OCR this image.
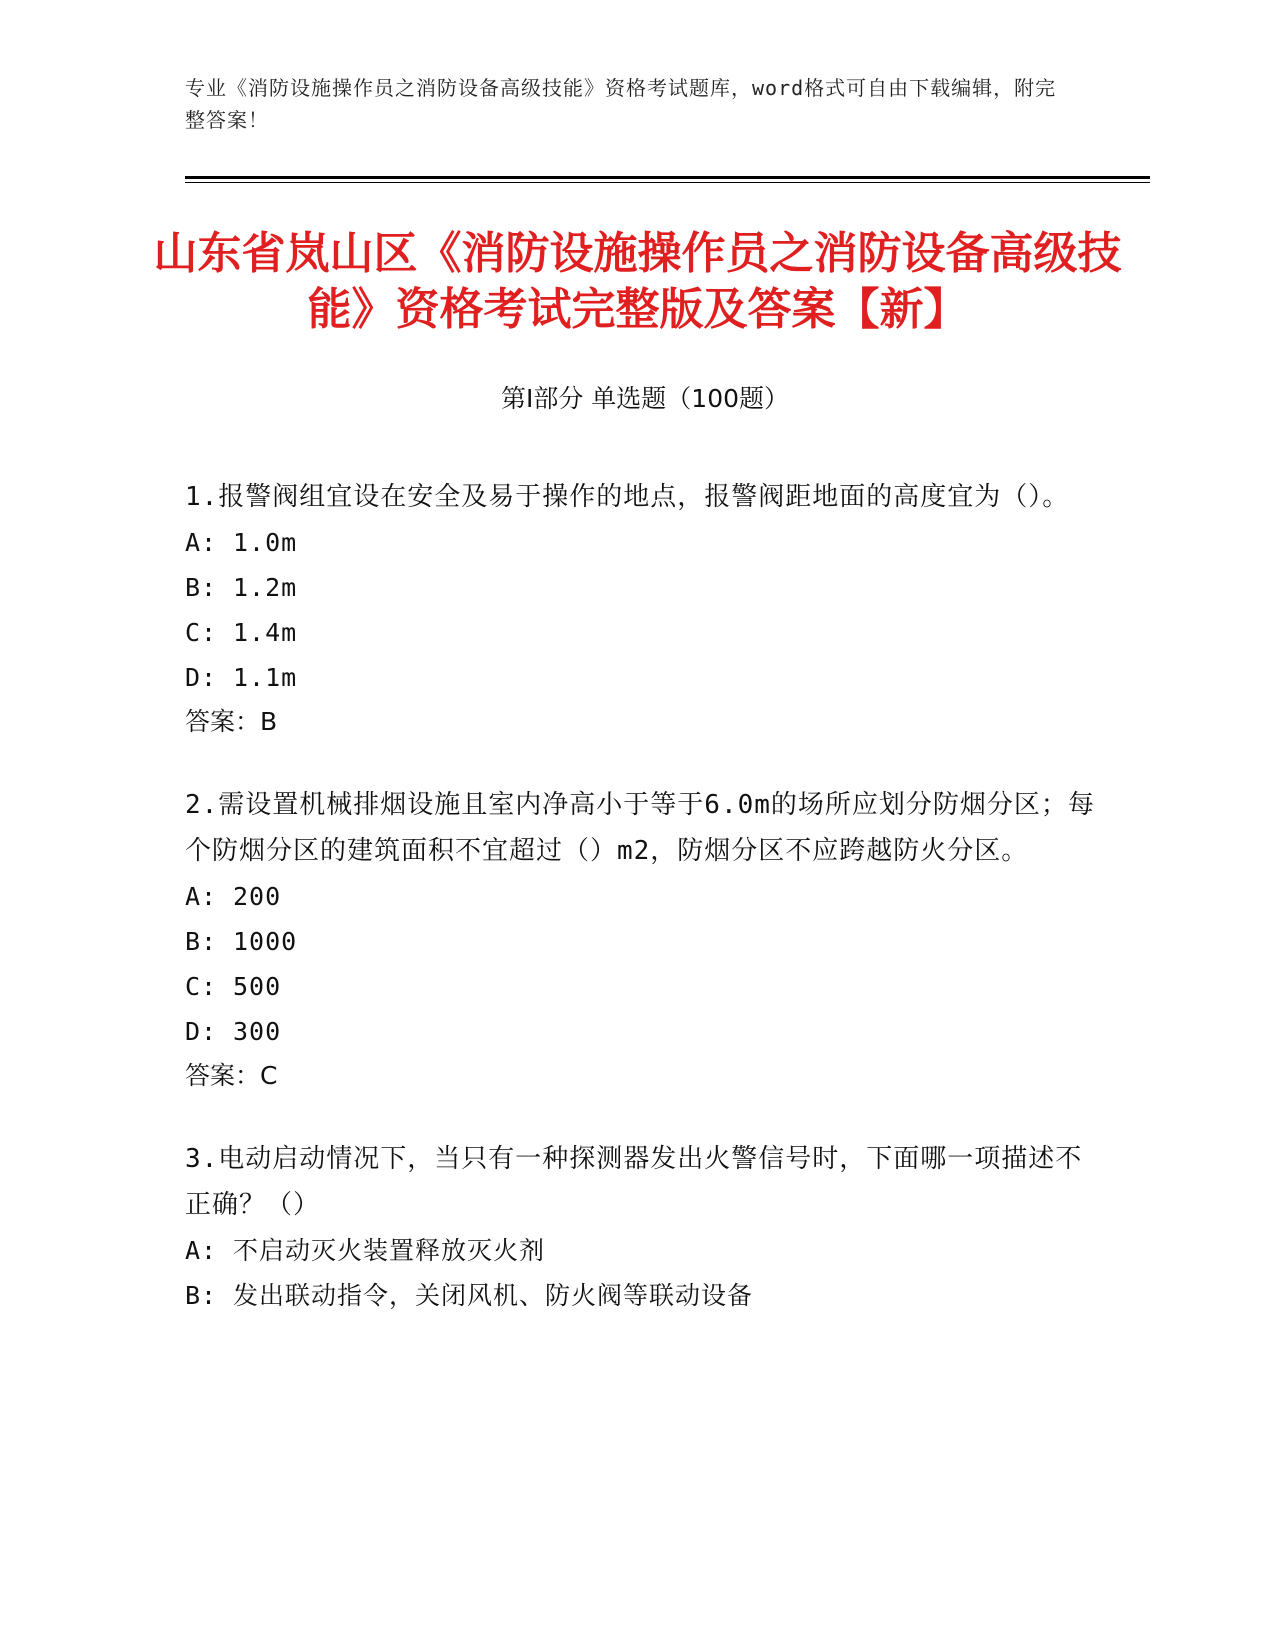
专业《消防设施操作员之消防设备高级技能》资格考试题库，word格式可自由下载编辑，附完整答案！
山东省岚山区《消防设施操作员之消防设备高级技能》资格考试完整版及答案【新】
第I部分 单选题（100题）
1.报警阀组宜设在安全及易于操作的地点，报警阀距地面的高度宜为（）。
A: 1.0m
B: 1.2m
C: 1.4m
D: 1.1m
答案：B
2.需设置机械排烟设施且室内净高小于等于6.0m的场所应划分防烟分区；每个防烟分区的建筑面积不宜超过（）m2，防烟分区不应跨越防火分区。
A: 200
B: 1000
C: 500
D: 300
答案：C
3.电动启动情况下，当只有一种探测器发出火警信号时，下面哪一项描述不正确？（）
A: 不启动灭火装置释放灭火剂
B: 发出联动指令，关闭风机、防火阀等联动设备
